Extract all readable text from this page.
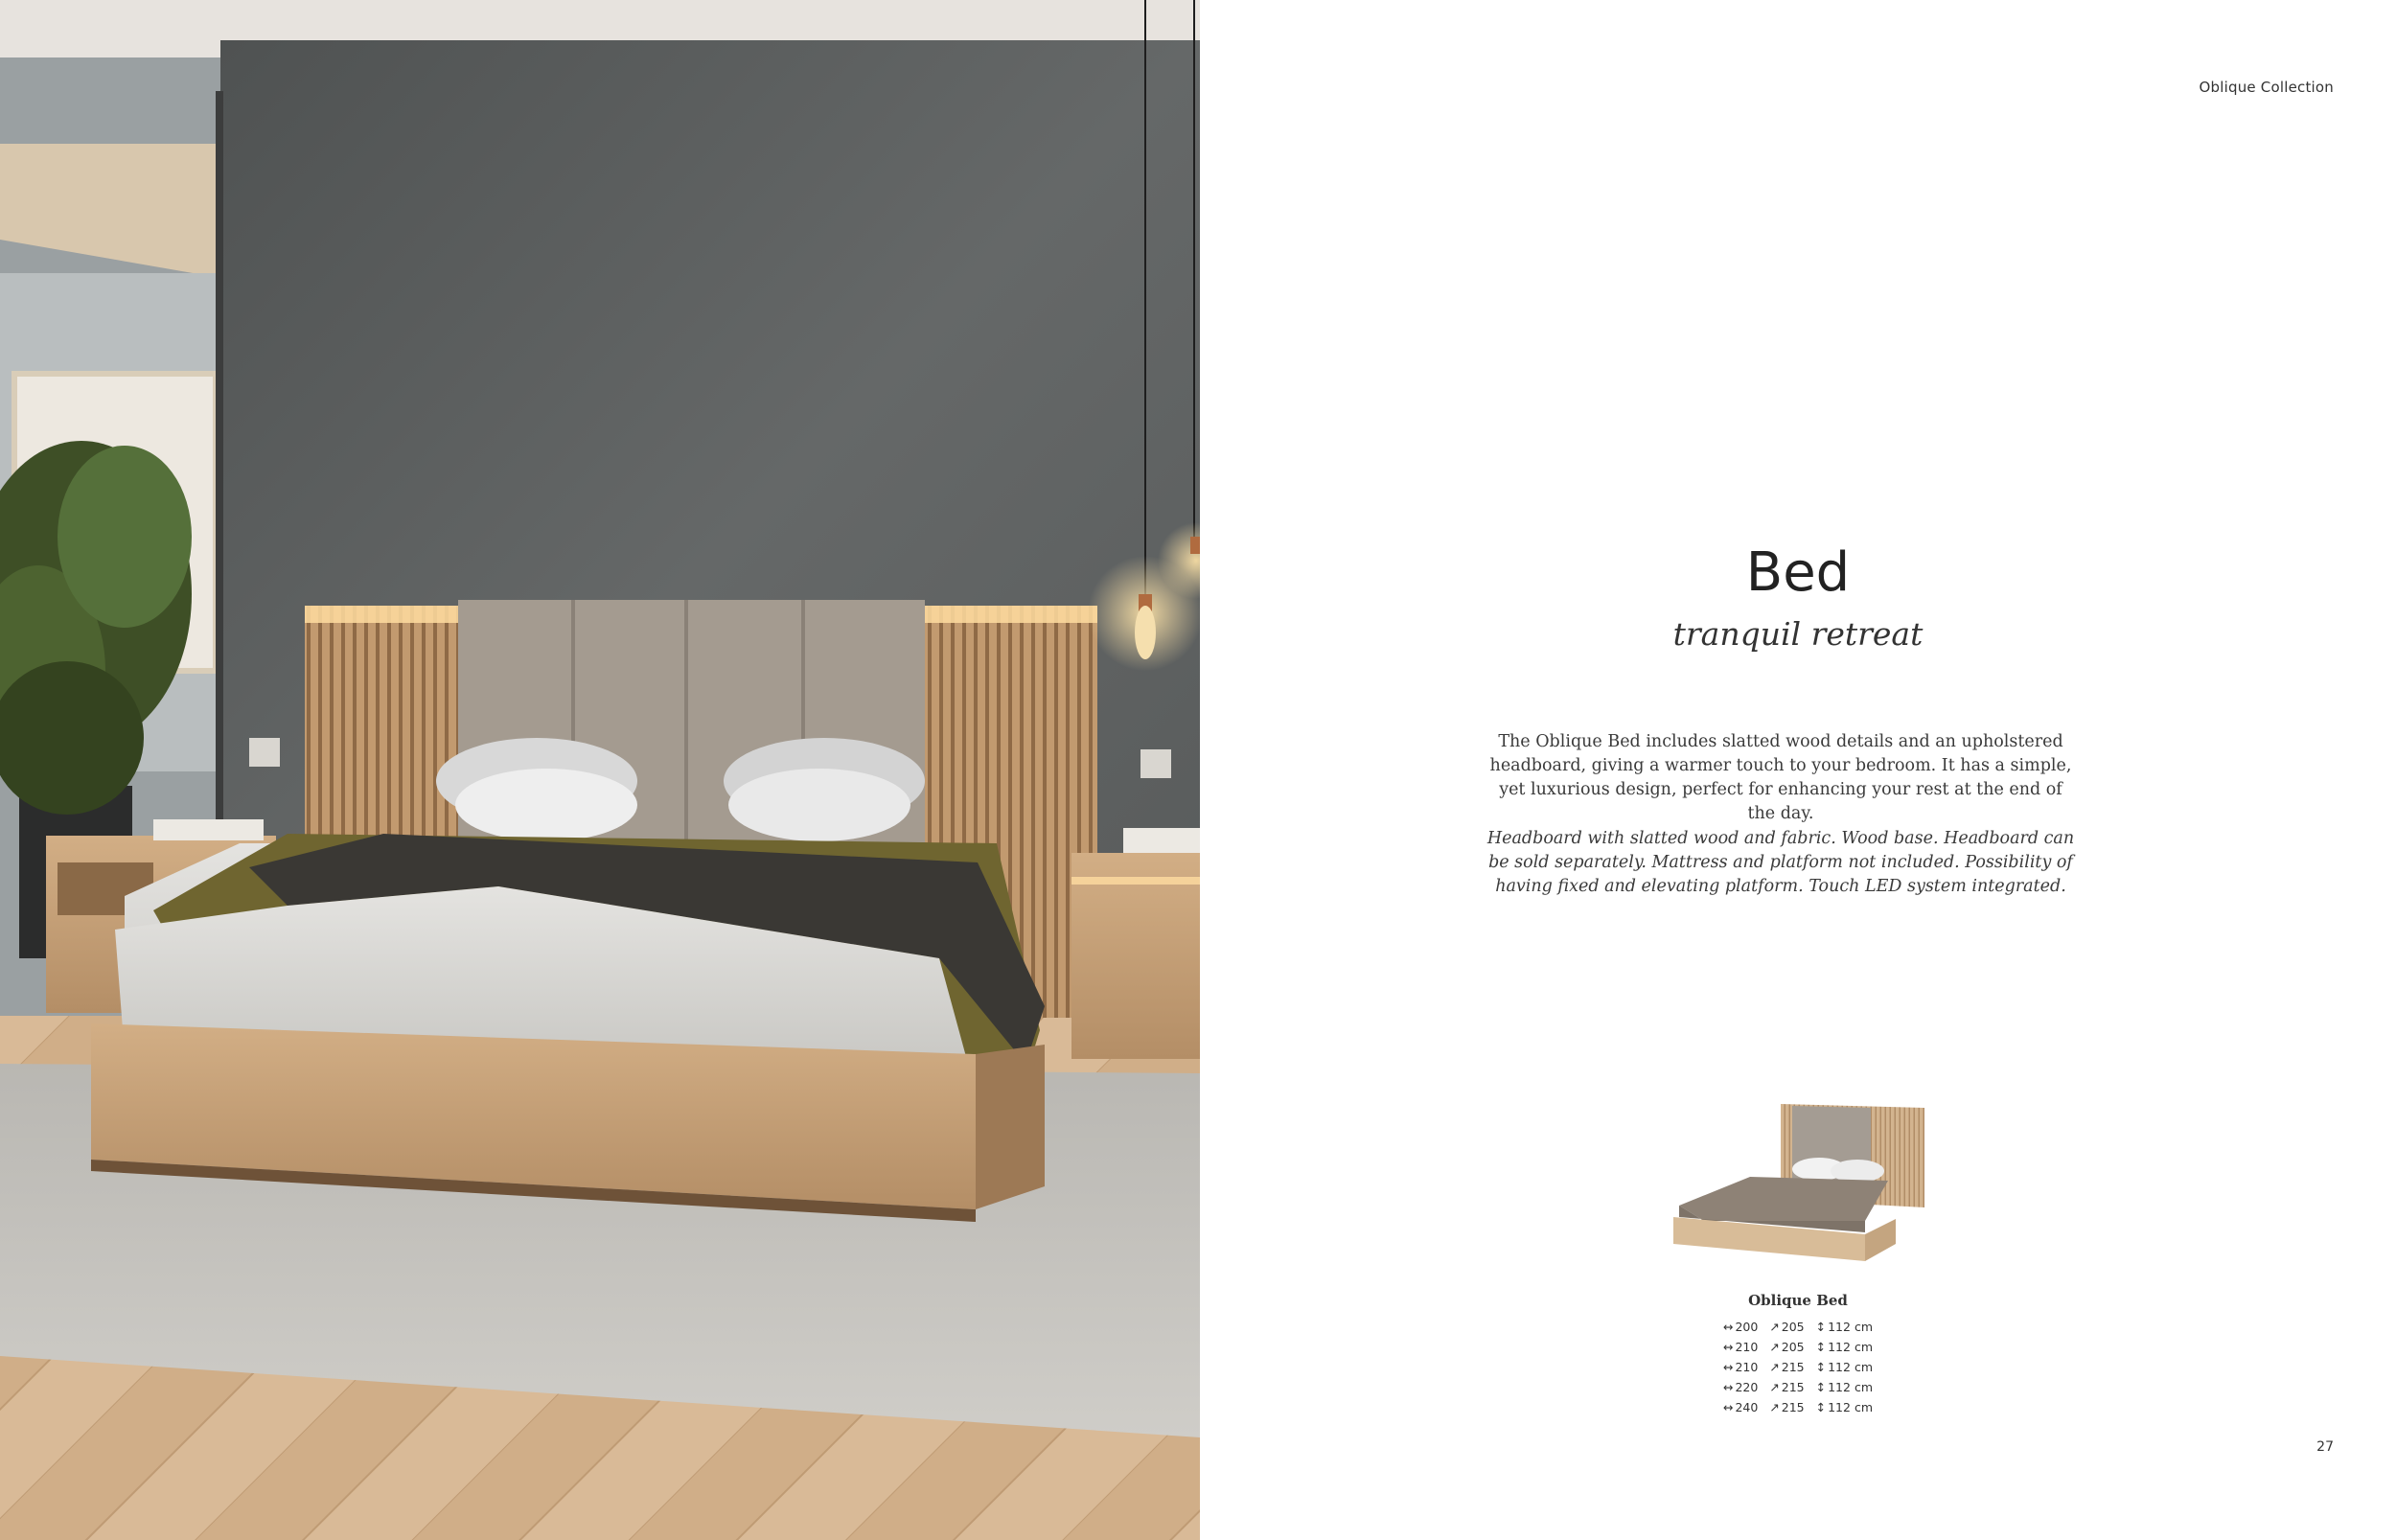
Oblique Collection
Bed
tranquil retreat

The Oblique Bed includes slatted wood details and an upholstered headboard, giving a warmer touch to your bedroom. It has a simple, yet luxurious design, perfect for enhancing your rest at the end of the day.

Headboard with slatted wood and fabric. Wood base. Headboard can be sold separately. Mattress and platform not included. Possibility of having fixed and elevating platform. Touch LED system integrated.

Oblique Bed
↔ 200 ↗ 205 ↕ 112 cm
↔ 210 ↗ 205 ↕ 112 cm
↔ 210 ↗ 215 ↕ 112 cm
↔ 220 ↗ 215 ↕ 112 cm
↔ 240 ↗ 215 ↕ 112 cm
27
